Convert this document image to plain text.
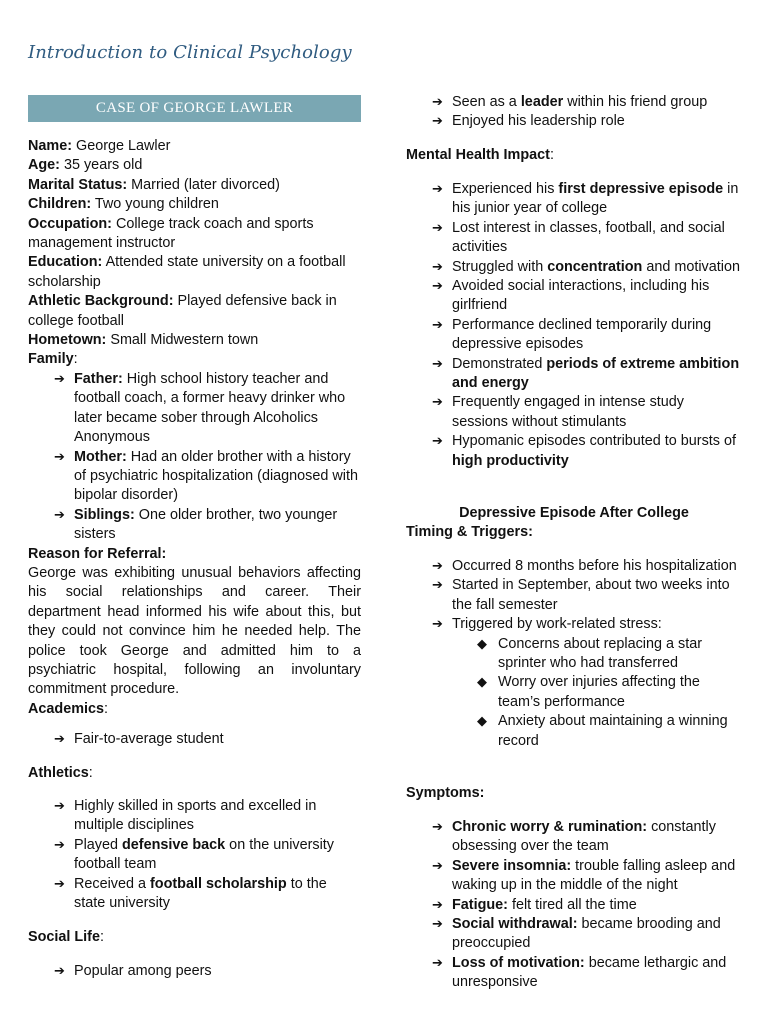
Introduction to Clinical Psychology
CASE OF GEORGE LAWLER
Name: George Lawler
Age: 35 years old
Marital Status: Married (later divorced)
Children: Two young children
Occupation: College track coach and sports management instructor
Education: Attended state university on a football scholarship
Athletic Background: Played defensive back in college football
Hometown: Small Midwestern town
Family:
➔ Father: High school history teacher and football coach, a former heavy drinker who later became sober through Alcoholics Anonymous
➔ Mother: Had an older brother with a history of psychiatric hospitalization (diagnosed with bipolar disorder)
➔ Siblings: One older brother, two younger sisters
Reason for Referral:
George was exhibiting unusual behaviors affecting his social relationships and career. Their department head informed his wife about this, but they could not convince him he needed help. The police took George and admitted him to a psychiatric hospital, following an involuntary commitment procedure.
Academics:
➔ Fair-to-average student
Athletics:
➔ Highly skilled in sports and excelled in multiple disciplines
➔ Played defensive back on the university football team
➔ Received a football scholarship to the state university
Social Life:
➔ Popular among peers
➔ Seen as a leader within his friend group
➔ Enjoyed his leadership role
Mental Health Impact:
➔ Experienced his first depressive episode in his junior year of college
➔ Lost interest in classes, football, and social activities
➔ Struggled with concentration and motivation
➔ Avoided social interactions, including his girlfriend
➔ Performance declined temporarily during depressive episodes
➔ Demonstrated periods of extreme ambition and energy
➔ Frequently engaged in intense study sessions without stimulants
➔ Hypomanic episodes contributed to bursts of high productivity
Depressive Episode After College
Timing & Triggers:
➔ Occurred 8 months before his hospitalization
➔ Started in September, about two weeks into the fall semester
➔ Triggered by work-related stress:
◆ Concerns about replacing a star sprinter who had transferred
◆ Worry over injuries affecting the team’s performance
◆ Anxiety about maintaining a winning record
Symptoms:
➔ Chronic worry & rumination: constantly obsessing over the team
➔ Severe insomnia: trouble falling asleep and waking up in the middle of the night
➔ Fatigue: felt tired all the time
➔ Social withdrawal: became brooding and preoccupied
➔ Loss of motivation: became lethargic and unresponsive
